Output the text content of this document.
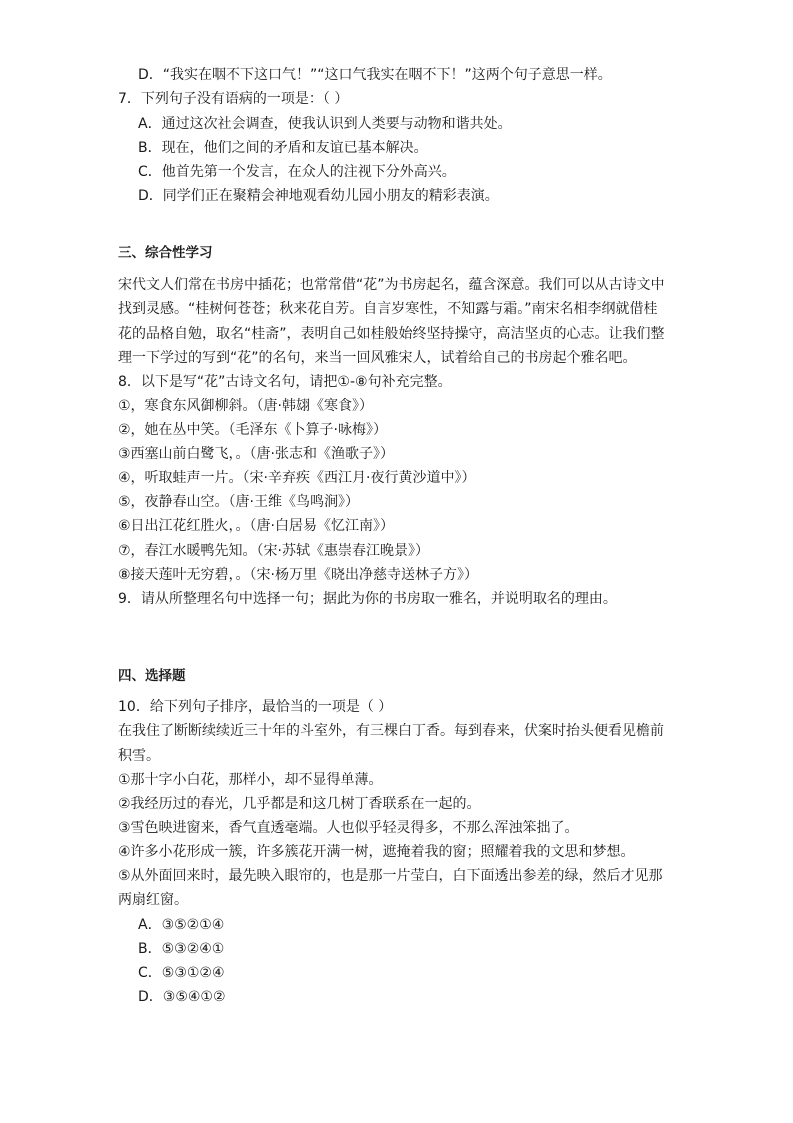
D．“我实在咽不下这口气！”“这口气我实在咽不下！”这两个句子意思一样。
7．下列句子没有语病的一项是：（ ）
A．通过这次社会调查，使我认识到人类要与动物和谐共处。
B．现在，他们之间的矛盾和友谊已基本解决。
C．他首先第一个发言，在众人的注视下分外高兴。
D．同学们正在聚精会神地观看幼儿园小朋友的精彩表演。
三、综合性学习
宋代文人们常在书房中插花；也常常借“花”为书房起名，蕴含深意。我们可以从古诗文中
找到灵感。“桂树何苍苍；秋来花自芳。自言岁寒性，不知露与霜。”南宋名相李纲就借桂
花的品格自勉，取名“桂斋”，表明自己如桂般始终坚持操守，高洁坚贞的心志。让我们整
理一下学过的写到“花”的名句，来当一回风雅宋人，试着给自己的书房起个雅名吧。
8．以下是写“花”古诗文名句，请把①-⑧句补充完整。
①，寒食东风御柳斜。（唐·韩翃《寒食》）
②，她在丛中笑。（毛泽东《卜算子·咏梅》）
③西塞山前白鹭飞，。（唐·张志和《渔歌子》）
④，听取蛙声一片。（宋·辛弃疾《西江月·夜行黄沙道中》）
⑤，夜静春山空。（唐·王维《鸟鸣涧》）
⑥日出江花红胜火，。（唐·白居易《忆江南》）
⑦，春江水暖鸭先知。（宋·苏轼《惠崇春江晚景》）
⑧接天莲叶无穷碧，。（宋·杨万里《晓出净慈寺送林子方》）
9．请从所整理名句中选择一句；据此为你的书房取一雅名，并说明取名的理由。
四、选择题
10．给下列句子排序，最恰当的一项是（ ）
在我住了断断续续近三十年的斗室外，有三棵白丁香。每到春来，伏案时抬头便看见檐前
积雪。
①那十字小白花，那样小，却不显得单薄。
②我经历过的春光，几乎都是和这几树丁香联系在一起的。
③雪色映进窗来，香气直透毫端。人也似乎轻灵得多，不那么浑浊笨拙了。
④许多小花形成一簇，许多簇花开满一树，遮掩着我的窗；照耀着我的文思和梦想。
⑤从外面回来时，最先映入眼帘的，也是那一片莹白，白下面透出参差的绿，然后才见那
两扇红窗。
A．③⑤②①④
B．⑤③②④①
C．⑤③①②④
D．③⑤④①②
